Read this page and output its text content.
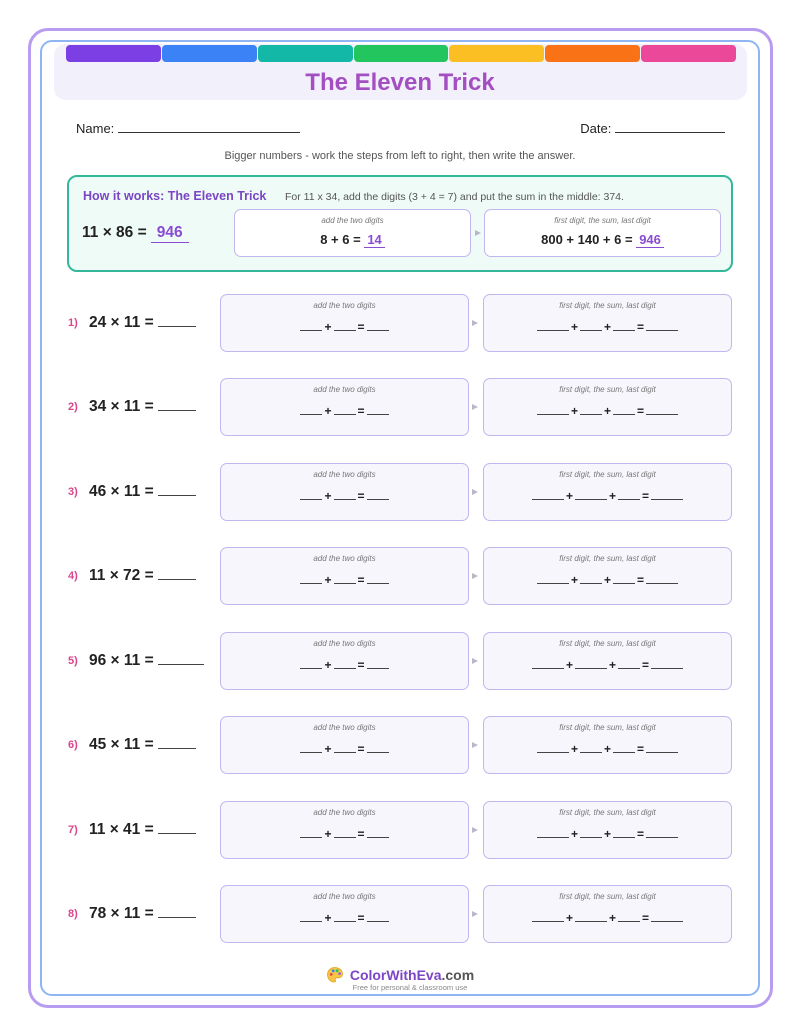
The Eleven Trick
Name:	Date:
Bigger numbers - work the steps from left to right, then write the answer.
How it works: The Eleven Trick For 11 x 34, add the digits (3 + 4 = 7) and put the sum in the middle: 374.
11 × 86 = 946
add the two digits
8 + 6 = 14
first digit, the sum, last digit
800 + 140 + 6 = 946
1) 24 × 11 =
add the two digits
+ =
first digit, the sum, last digit
+ + =
2) 34 × 11 =
add the two digits
+ =
first digit, the sum, last digit
+ + =
3) 46 × 11 =
add the two digits
+ =
first digit, the sum, last digit
+	+ =
4) 11 × 72 =
add the two digits
+ =
first digit, the sum, last digit
+ + =
5) 96 × 11 =
add the two digits
+ =
first digit, the sum, last digit
+	+ =
6) 45 × 11 =
add the two digits
+ =
first digit, the sum, last digit
+ + =
7) 11 × 41 =
add the two digits
+ =
first digit, the sum, last digit
+ + =
8) 78 × 11 =
add the two digits
+ =
first digit, the sum, last digit
+	+ =
ColorWithEva.com
Free for personal & classroom use
